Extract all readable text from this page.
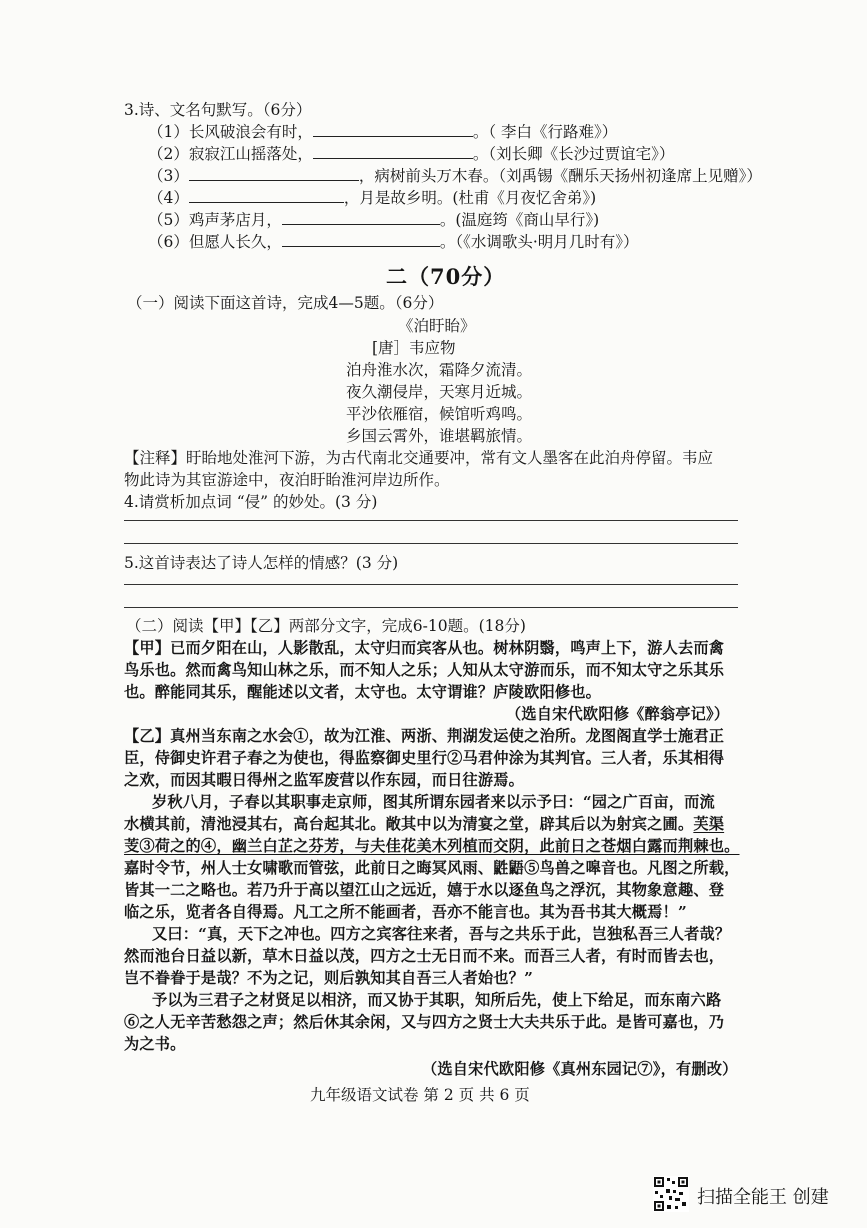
3.诗、文名句默写。（6分）
（1）长风破浪会有时，	。（ 李白《行路难》）
（2）寂寂江山摇落处，	。（刘长卿《长沙过贾谊宅》）
（3）	，病树前头万木春。（刘禹锡《酬乐天扬州初逢席上见赠》）
（4）	，月是故乡明。(杜甫《月夜忆舍弟》)
（5）鸡声茅店月，	。(温庭筠《商山早行》)
（6）但愿人长久，	。（《水调歌头·明月几时有》）
二（70分）
（一）阅读下面这首诗，完成4—5题。（6分）
《泊盱眙》
[唐］韦应物
泊舟淮水次，霜降夕流清。
夜久潮侵岸，天寒月近城。
平沙依雁宿，候馆听鸡鸣。
乡国云霄外，谁堪羁旅情。
【注释】盱眙地处淮河下游，为古代南北交通要冲，常有文人墨客在此泊舟停留。韦应
物此诗为其宦游途中，夜泊盱眙淮河岸边所作。
4.请赏析加点词 “侵” 的妙处。(3 分)
5.这首诗表达了诗人怎样的情感？(3 分)
（二）阅读【甲】【乙】两部分文字，完成6-10题。(18分)
【甲】已而夕阳在山，人影散乱，太守归而宾客从也。树林阴翳，鸣声上下，游人去而禽
鸟乐也。然而禽鸟知山林之乐，而不知人之乐；人知从太守游而乐，而不知太守之乐其乐
也。醉能同其乐，醒能述以文者，太守也。太守谓谁？庐陵欧阳修也。
（选自宋代欧阳修《醉翁亭记》）
【乙】真州当东南之水会①，故为江淮、两浙、荆湖发运使之治所。龙图阁直学士施君正
臣，侍御史许君子春之为使也，得监察御史里行②马君仲涂为其判官。三人者，乐其相得
之欢，而因其暇日得州之监军废营以作东园，而日往游焉。
岁秋八月，子春以其职事走京师，图其所谓东园者来以示予曰：“园之广百亩，而流
水横其前，清池浸其右，高台起其北。敞其中以为清宴之堂，辟其后以为射宾之圃。芙渠
芰③荷之的④，幽兰白芷之芬芳，与夫佳花美木列植而交阴，此前日之苍烟白露而荆棘也。
嘉时令节，州人士女啸歌而管弦，此前日之晦冥风雨、鼪鼯⑤鸟兽之嗥音也。凡图之所载，
皆其一二之略也。若乃升于高以望江山之远近，嬉于水以逐鱼鸟之浮沉，其物象意趣、登
临之乐，览者各自得焉。凡工之所不能画者，吾亦不能言也。其为吾书其大概焉！”
又曰：“真，天下之冲也。四方之宾客往来者，吾与之共乐于此，岂独私吾三人者哉？
然而池台日益以新，草木日益以茂，四方之士无日而不来。而吾三人者，有时而皆去也，
岂不眷眷于是哉？不为之记，则后孰知其自吾三人者始也？”
予以为三君子之材贤足以相济，而又协于其职，知所后先，使上下给足，而东南六路
⑥之人无辛苦愁怨之声；然后休其余闲，又与四方之贤士大夫共乐于此。是皆可嘉也，乃
为之书。
（选自宋代欧阳修《真州东园记⑦》，有删改）
九年级语文试卷 第 2 页 共 6 页
扫描全能王 创建
